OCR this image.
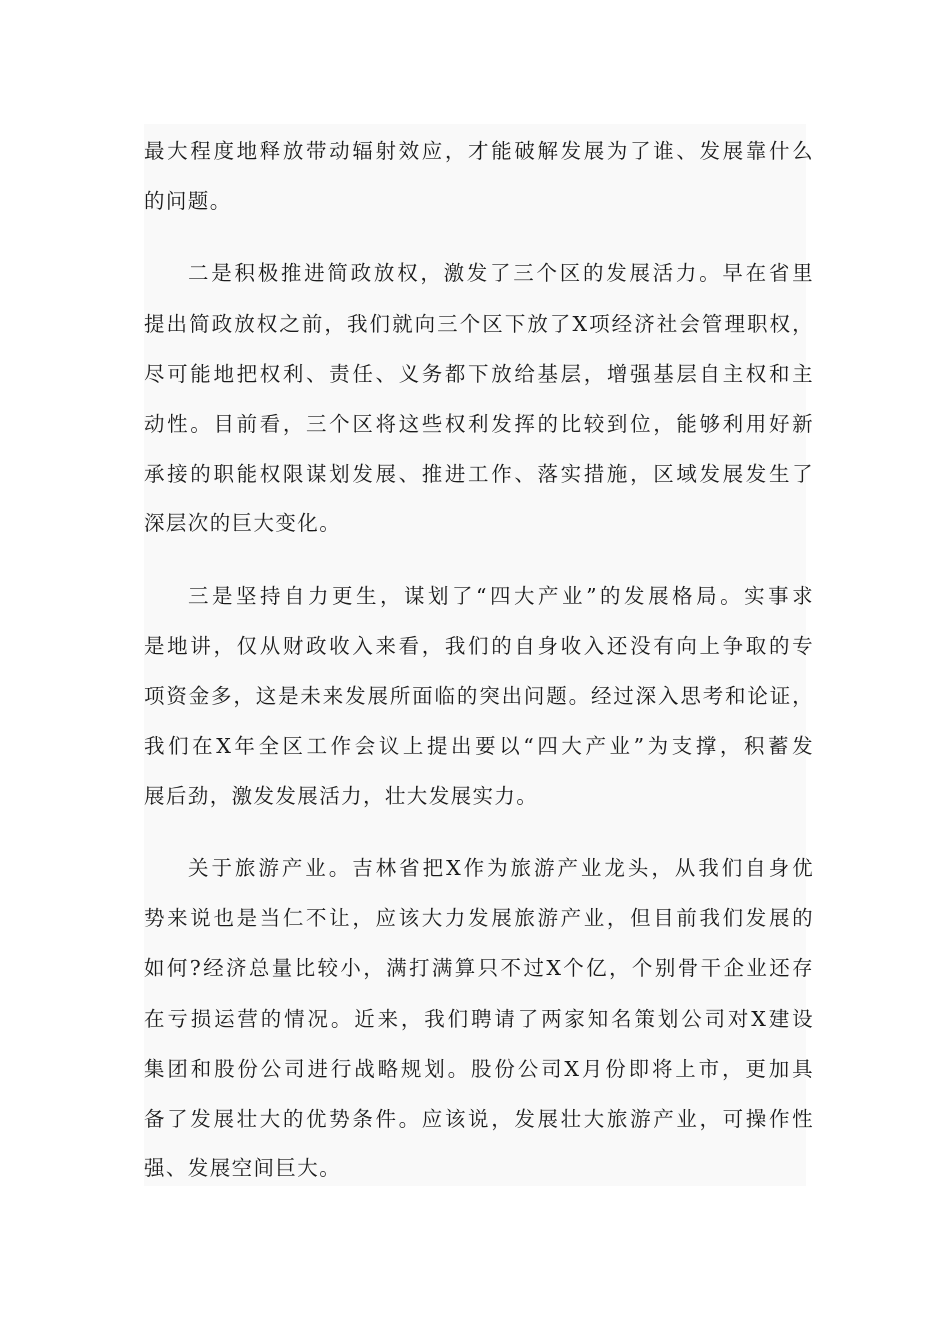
最大程度地释放带动辐射效应，才能破解发展为了谁、发展靠什么
的问题。
二是积极推进简政放权，激发了三个区的发展活力。早在省里
提出简政放权之前，我们就向三个区下放了X项经济社会管理职权，
尽可能地把权利、责任、义务都下放给基层，增强基层自主权和主
动性。目前看，三个区将这些权利发挥的比较到位，能够利用好新
承接的职能权限谋划发展、推进工作、落实措施，区域发展发生了
深层次的巨大变化。
三是坚持自力更生，谋划了“四大产业”的发展格局。实事求
是地讲，仅从财政收入来看，我们的自身收入还没有向上争取的专
项资金多，这是未来发展所面临的突出问题。经过深入思考和论证，
我们在X年全区工作会议上提出要以“四大产业”为支撑，积蓄发
展后劲，激发发展活力，壮大发展实力。
关于旅游产业。吉林省把X作为旅游产业龙头，从我们自身优
势来说也是当仁不让，应该大力发展旅游产业，但目前我们发展的
如何?经济总量比较小，满打满算只不过X个亿，个别骨干企业还存
在亏损运营的情况。近来，我们聘请了两家知名策划公司对X建设
集团和股份公司进行战略规划。股份公司X月份即将上市，更加具
备了发展壮大的优势条件。应该说，发展壮大旅游产业，可操作性
强、发展空间巨大。
